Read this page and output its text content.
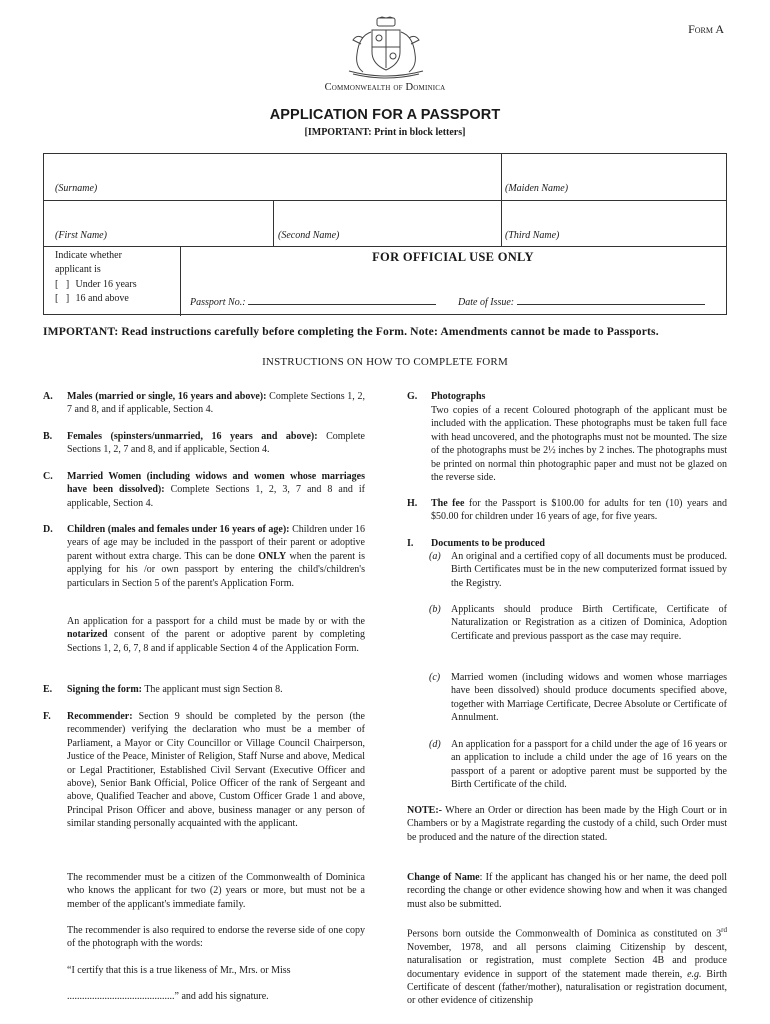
Form A
Commonwealth of Dominica
APPLICATION FOR A PASSPORT
[IMPORTANT: Print in block letters]
(Surname)	(Maiden Name)
(First Name)	(Second Name)	(Third Name)
Indicate whether
applicant is
[   ] Under 16 years
[   ] 16 and above
FOR OFFICIAL USE ONLY
Passport No.:	Date of Issue:
IMPORTANT: Read instructions carefully before completing the Form. Note: Amendments cannot be made to Passports.
INSTRUCTIONS ON HOW TO COMPLETE FORM
A. Males (married or single, 16 years and above): Complete Sections 1, 2, 7 and 8, and if applicable, Section 4.
B. Females (spinsters/unmarried, 16 years and above): Complete Sections 1, 2, 7 and 8, and if applicable, Section 4.
C. Married Women (including widows and women whose marriages have been dissolved): Complete Sections 1, 2, 3, 7 and 8 and if applicable, Section 4.
D. Children (males and females under 16 years of age): Children under 16 years of age may be included in the passport of their parent or adoptive parent without extra charge. This can be done ONLY when the parent is applying for his /or own passport by entering the child's/children's particulars in Section 5 of the parent's Application Form.
An application for a passport for a child must be made by or with the notarized consent of the parent or adoptive parent by completing Sections 1, 2, 6, 7, 8 and if applicable Section 4 of the Application Form.
E. Signing the form: The applicant must sign Section 8.
F. Recommender: Section 9 should be completed by the person (the recommender) verifying the declaration who must be a member of Parliament, a Mayor or City Councillor or Village Council Chairperson, Justice of the Peace, Minister of Religion, Staff Nurse and above, Medical or Legal Practitioner, Established Civil Servant (Executive Officer and above), Senior Bank Official, Police Officer of the rank of Sergeant and above, Qualified Teacher and above, Custom Officer Grade 1 and above, Principal Prison Officer and above, business manager or any person of similar standing personally acquainted with the applicant.
The recommender must be a citizen of the Commonwealth of Dominica who knows the applicant for two (2) years or more, but must not be a member of the applicant's immediate family.
The recommender is also required to endorse the reverse side of one copy of the photograph with the words:
“I certify that this is a true likeness of Mr., Mrs. or Miss
...........................................” and add his signature.
G. Photographs
Two copies of a recent Coloured photograph of the applicant must be included with the application. These photographs must be taken full face with head uncovered, and the photographs must not be mounted. The size of the photographs must be 2½ inches by 2 inches. The photographs must be printed on normal thin photographic paper and must not be glazed on the reverse side.
H. The fee for the Passport is $100.00 for adults for ten (10) years and $50.00 for children under 16 years of age, for five years.
I. Documents to be produced
(a) An original and a certified copy of all documents must be produced. Birth Certificates must be in the new computerized format issued by the Registry.
(b) Applicants should produce Birth Certificate, Certificate of Naturalization or Registration as a citizen of Dominica, Adoption Certificate and previous passport as the case may require.
(c) Married women (including widows and women whose marriages have been dissolved) should produce documents specified above, together with Marriage Certificate, Decree Absolute or Certificate of Annulment.
(d) An application for a passport for a child under the age of 16 years or an application to include a child under the age of 16 years on the passport of a parent or adoptive parent must be supported by the Birth Certificate of the child.
NOTE:- Where an Order or direction has been made by the High Court or in Chambers or by a Magistrate regarding the custody of a child, such Order must be produced and the nature of the direction stated.
Change of Name: If the applicant has changed his or her name, the deed poll recording the change or other evidence showing how and when it was changed must also be submitted.
Persons born outside the Commonwealth of Dominica as constituted on 3rd November, 1978, and all persons claiming Citizenship by descent, naturalisation or registration, must complete Section 4B and produce documentary evidence in support of the statement made therein, e.g. Birth Certificate of descent (father/mother), naturalisation or registration document, or other evidence of citizenship
